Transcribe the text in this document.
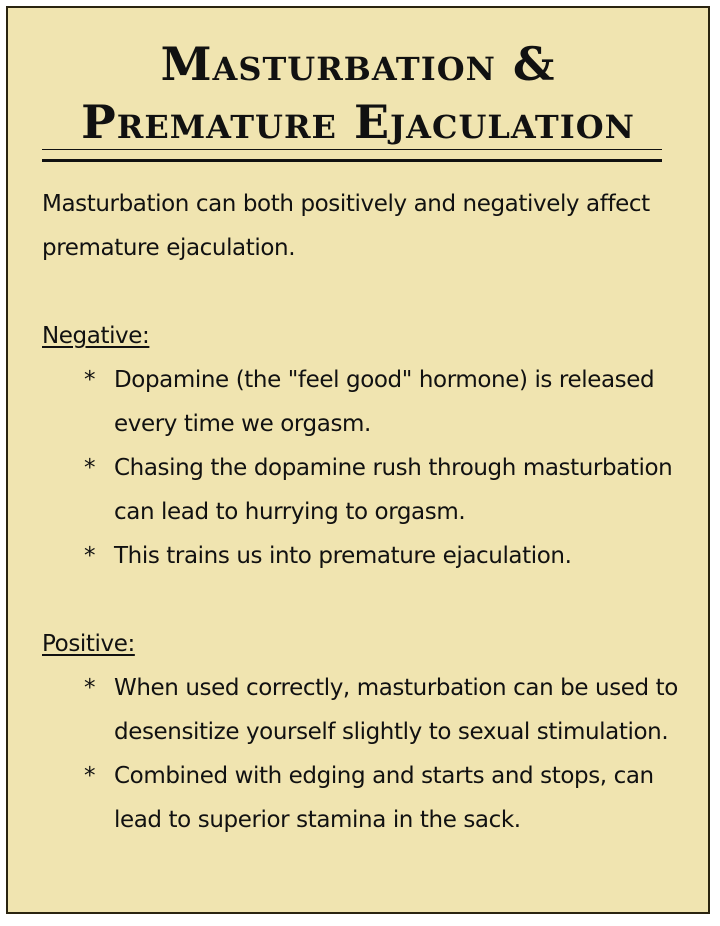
Masturbation &
Premature Ejaculation

Masturbation can both positively and negatively affect premature ejaculation.

Negative:

* Dopamine (the "feel good" hormone) is released every time we orgasm.
* Chasing the dopamine rush through masturbation can lead to hurrying to orgasm.
* This trains us into premature ejaculation.

Positive:

* When used correctly, masturbation can be used to desensitize yourself slightly to sexual stimulation.
* Combined with edging and starts and stops, can lead to superior stamina in the sack.
